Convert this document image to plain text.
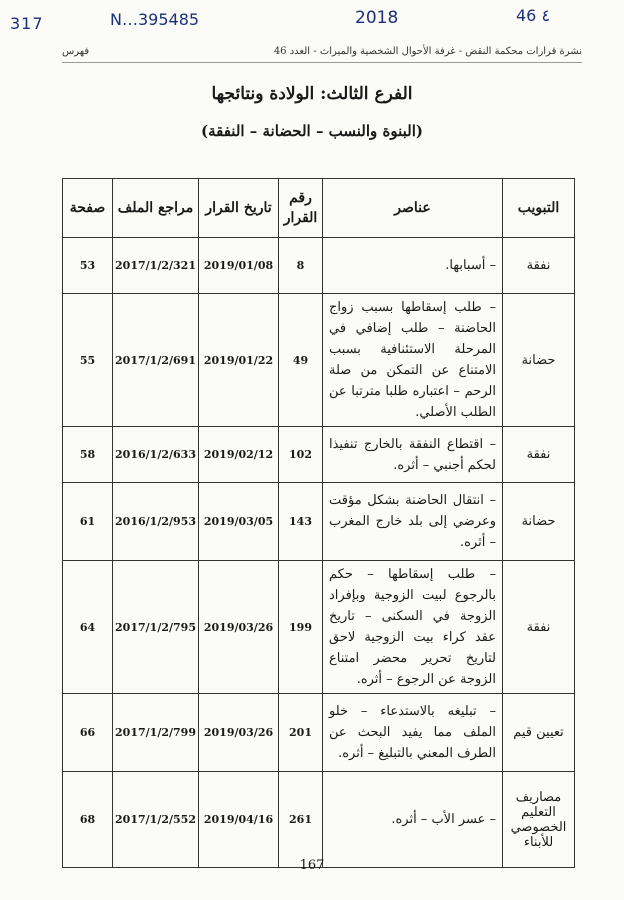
317	N…395485	2018	46 ٤
نشرة قرارات محكمة النقض - غرفة الأحوال الشخصية والميراث - العدد 46
فهرس
الفرع الثالث: الولادة ونتائجها
(البنوة والنسب – الحضانة – النفقة)
التبويب	عناصر	رقم القرار	تاريخ القرار	مراجع الملف	صفحة
نفقة	– أسبابها.	8	2019/01/08	2017/1/2/321	53
حضانة	– طلب إسقاطها بسبب زواج الحاضنة – طلب إضافي في المرحلة الاستئنافية بسبب الامتناع عن التمكن من صلة الرحم – اعتباره طلبا مترتبا عن الطلب الأصلي.	49	2019/01/22	2017/1/2/691	55
نفقة	– اقتطاع النفقة بالخارج تنفيذا لحكم أجنبي – أثره.	102	2019/02/12	2016/1/2/633	58
حضانة	– انتقال الحاضنة بشكل مؤقت وعرضي إلى بلد خارج المغرب – أثره.	143	2019/03/05	2016/1/2/953	61
نفقة	– طلب إسقاطها – حكم بالرجوع لبيت الزوجية وبإفراد الزوجة في السكنى – تاريخ عقد كراء بيت الزوجية لاحق لتاريخ تحرير محضر امتناع الزوجة عن الرجوع – أثره.	199	2019/03/26	2017/1/2/795	64
تعيين قيم	– تبليغه بالاستدعاء – خلو الملف مما يفيد البحث عن الطرف المعني بالتبليغ – أثره.	201	2019/03/26	2017/1/2/799	66
مصاريف التعليم الخصوصي للأبناء	– عسر الأب – أثره.	261	2019/04/16	2017/1/2/552	68
167
